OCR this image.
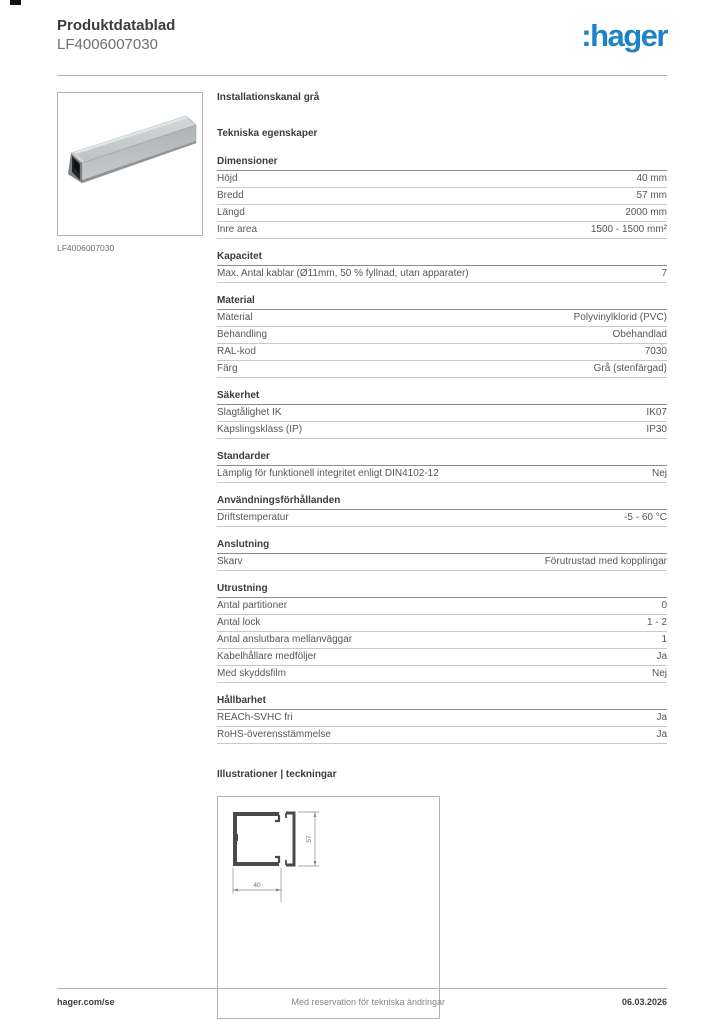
Produktdatablad
LF4006007030	:hager
LF4006007030
Installationskanal grå
Tekniska egenskaper
Dimensioner
Höjd	40 mm
Bredd	57 mm
Längd	2000 mm
Inre area	1500 - 1500 mm²
Kapacitet
Max. Antal kablar (Ø11mm, 50 % fyllnad, utan apparater)	7
Material
Material	Polyvinylklorid (PVC)
Behandling	Obehandlad
RAL-kod	7030
Färg	Grå (stenfärgad)
Säkerhet
Slagtålighet IK	IK07
Kapslingsklass (IP)	IP30
Standarder
Lämplig för funktionell integritet enligt DIN4102-12	Nej
Användningsförhållanden
Driftstemperatur	-5 - 60 °C
Anslutning
Skarv	Förutrustad med kopplingar
Utrustning
Antal partitioner	0
Antal lock	1 - 2
Antal anslutbara mellanväggar	1
Kabelhållare medföljer	Ja
Med skyddsfilm	Nej
Hållbarhet
REACh-SVHC fri	Ja
RoHS-överensstämmelse	Ja
Illustrationer | teckningar
57
40
hager.com/se	Med reservation för tekniska ändringar	06.03.2026
